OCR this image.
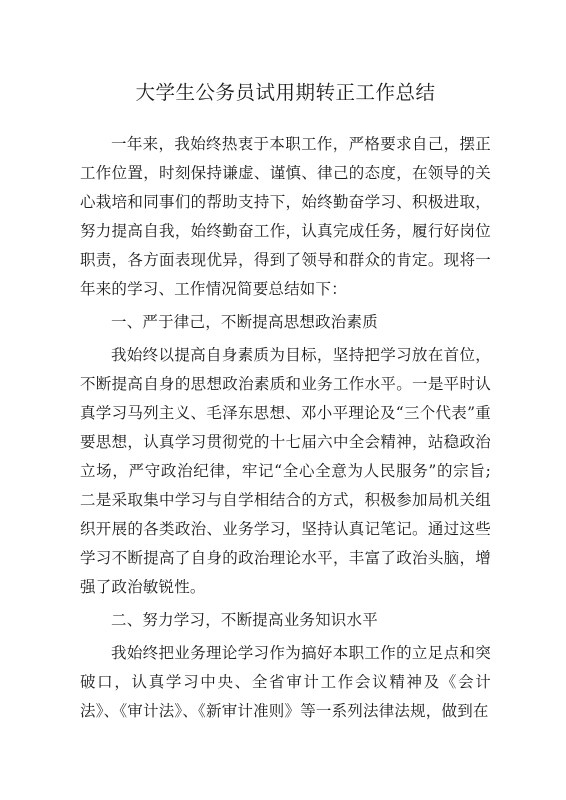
大学生公务员试用期转正工作总结

一年来，我始终热衷于本职工作，严格要求自己，摆正工作位置，时刻保持谦虚、谨慎、律己的态度，在领导的关心栽培和同事们的帮助支持下，始终勤奋学习、积极进取，努力提高自我，始终勤奋工作，认真完成任务，履行好岗位职责，各方面表现优异，得到了领导和群众的肯定。现将一年来的学习、工作情况简要总结如下：

一、严于律己，不断提高思想政治素质

我始终以提高自身素质为目标，坚持把学习放在首位，不断提高自身的思想政治素质和业务工作水平。一是平时认真学习马列主义、毛泽东思想、邓小平理论及“三个代表”重要思想，认真学习贯彻党的十七届六中全会精神，站稳政治立场，严守政治纪律，牢记“全心全意为人民服务”的宗旨;二是采取集中学习与自学相结合的方式，积极参加局机关组织开展的各类政治、业务学习，坚持认真记笔记。通过这些学习不断提高了自身的政治理论水平，丰富了政治头脑，增强了政治敏锐性。

二、努力学习，不断提高业务知识水平

我始终把业务理论学习作为搞好本职工作的立足点和突破口，认真学习中央、全省审计工作会议精神及《会计法》、《审计法》、《新审计准则》等一系列法律法规，做到在
